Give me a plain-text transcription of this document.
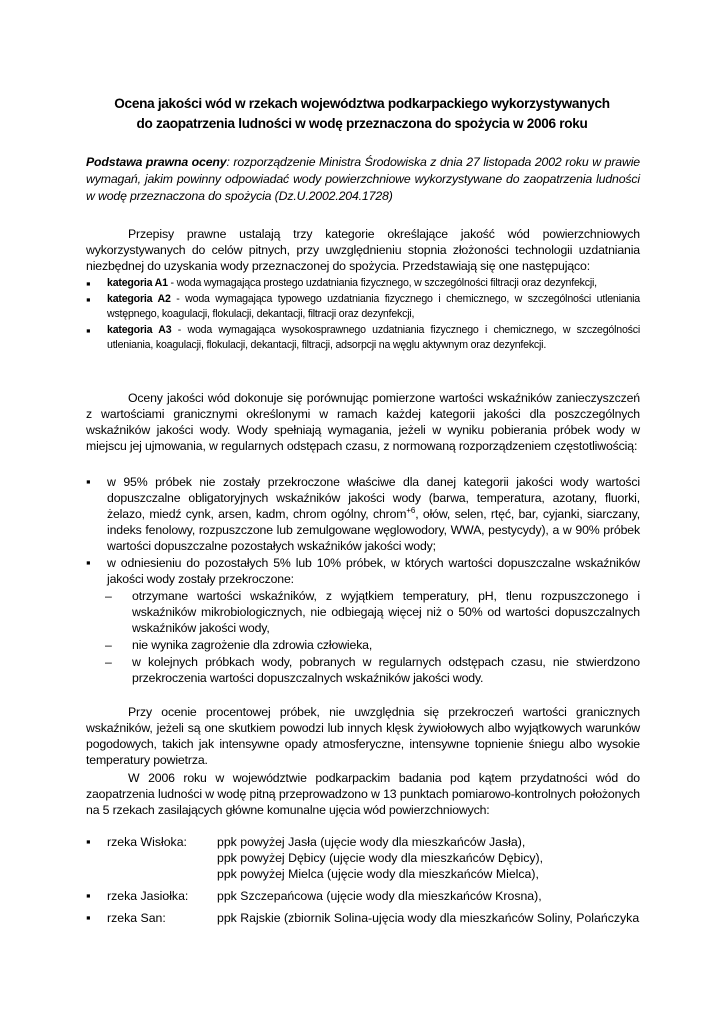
Ocena jakości wód w rzekach województwa podkarpackiego wykorzystywanych
do zaopatrzenia ludności w wodę przeznaczona do spożycia w 2006 roku
Podstawa prawna oceny: rozporządzenie Ministra Środowiska z dnia 27 listopada 2002 roku w prawie wymagań, jakim powinny odpowiadać wody powierzchniowe wykorzystywane do zaopatrzenia ludności w wodę przeznaczona do spożycia (Dz.U.2002.204.1728)
Przepisy prawne ustalają trzy kategorie określające jakość wód powierzchniowych wykorzystywanych do celów pitnych, przy uwzględnieniu stopnia złożoności technologii uzdatniania niezbędnej do uzyskania wody przeznaczonej do spożycia. Przedstawiają się one następująco:
▪ kategoria A1 - woda wymagająca prostego uzdatniania fizycznego, w szczególności filtracji oraz dezynfekcji,
▪ kategoria A2 - woda wymagająca typowego uzdatniania fizycznego i chemicznego, w szczególności utleniania wstępnego, koagulacji, flokulacji, dekantacji, filtracji oraz dezynfekcji,
▪ kategoria A3 - woda wymagająca wysokosprawnego uzdatniania fizycznego i chemicznego, w szczególności utleniania, koagulacji, flokulacji, dekantacji, filtracji, adsorpcji na węglu aktywnym oraz dezynfekcji.
Oceny jakości wód dokonuje się porównując pomierzone wartości wskaźników zanieczyszczeń z wartościami granicznymi określonymi w ramach każdej kategorii jakości dla poszczególnych wskaźników jakości wody. Wody spełniają wymagania, jeżeli w wyniku pobierania próbek wody w miejscu jej ujmowania, w regularnych odstępach czasu, z normowaną rozporządzeniem częstotliwością:
▪ w 95% próbek nie zostały przekroczone właściwe dla danej kategorii jakości wody wartości dopuszczalne obligatoryjnych wskaźników jakości wody (barwa, temperatura, azotany, fluorki, żelazo, miedź cynk, arsen, kadm, chrom ogólny, chrom$^{+6}$, ołów, selen, rtęć, bar, cyjanki, siarczany, indeks fenolowy, rozpuszczone lub zemulgowane węglowodory, WWA, pestycydy), a w 90% próbek wartości dopuszczalne pozostałych wskaźników jakości wody;
▪ w odniesieniu do pozostałych 5% lub 10% próbek, w których wartości dopuszczalne wskaźników jakości wody zostały przekroczone:
– otrzymane wartości wskaźników, z wyjątkiem temperatury, pH, tlenu rozpuszczonego i wskaźników mikrobiologicznych, nie odbiegają więcej niż o 50% od wartości dopuszczalnych wskaźników jakości wody,
– nie wynika zagrożenie dla zdrowia człowieka,
– w kolejnych próbkach wody, pobranych w regularnych odstępach czasu, nie stwierdzono przekroczenia wartości dopuszczalnych wskaźników jakości wody.
Przy ocenie procentowej próbek, nie uwzględnia się przekroczeń wartości granicznych wskaźników, jeżeli są one skutkiem powodzi lub innych klęsk żywiołowych albo wyjątkowych warunków pogodowych, takich jak intensywne opady atmosferyczne, intensywne topnienie śniegu albo wysokie temperatury powietrza.
W 2006 roku w województwie podkarpackim badania pod kątem przydatności wód do zaopatrzenia ludności w wodę pitną przeprowadzono w 13 punktach pomiarowo-kontrolnych położonych na 5 rzekach zasilających główne komunalne ujęcia wód powierzchniowych:
▪ rzeka Wisłoka: ppk powyżej Jasła (ujęcie wody dla mieszkańców Jasła),
ppk powyżej Dębicy (ujęcie wody dla mieszkańców Dębicy),
ppk powyżej Mielca (ujęcie wody dla mieszkańców Mielca),
▪ rzeka Jasiołka: ppk Szczepańcowa (ujęcie wody dla mieszkańców Krosna),
▪ rzeka San:	ppk Rajskie (zbiornik Solina-ujęcia wody dla mieszkańców Soliny, Polańczyka
